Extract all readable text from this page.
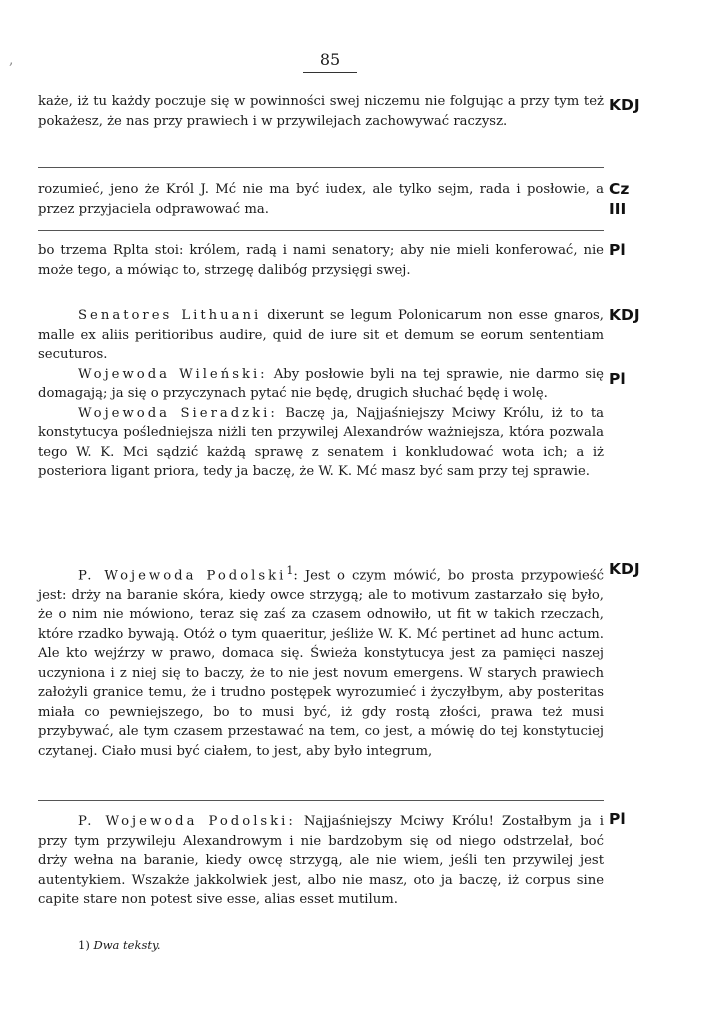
,	85

każe, iż tu każdy poczuje się w powinności swej niczemu nie folgując a przy tym też pokażesz, że nas przy prawiech i w przywilejach zachowywać raczysz.

KDJ

rozumieć, jeno że Król J. Mć nie ma być iudex, ale tylko sejm, rada i posłowie, a przez przyjaciela odprawować ma.

Cz
III

bo trzema Rplta stoi: królem, radą i nami senatory; aby nie mieli konferować, nie może tego, a mówiąc to, strzegę dalibóg przysięgi swej.

Pl

Senatores Lithuani dixerunt se legum Polonicarum non esse gnaros, malle ex aliis peritioribus audire, quid de iure sit et demum se eorum sententiam secuturos.

Wojewoda Wileński: Aby posłowie byli na tej sprawie, nie darmo się domagają; ja się o przyczynach pytać nie będę, drugich słuchać będę i wolę.

Wojewoda Sieradzki: Baczę ja, Najjaśniejszy Mciwy Królu, iż to ta konstytucya pośledniejsza niżli ten przywilej Alexandrów ważniejsza, która pozwala tego W. K. Mci sądzić każdą sprawę z senatem i konkludować wota ich; a iż posteriora ligant priora, tedy ja baczę, że W. K. Mć masz być sam przy tej sprawie.

KDJ
Pl

P. Wojewoda Podolski$^1$: Jest o czym mówić, bo prosta przypowieść jest: drży na baranie skóra, kiedy owce strzygą; ale to motivum zastarzało się było, że o nim nie mówiono, teraz się zaś za czasem odnowiło, ut fit w takich rzeczach, które rzadko bywają. Otóż o tym quaeritur, jeśliże W. K. Mć pertinet ad hunc actum. Ale kto wejźrzy w prawo, domaca się. Świeża konstytucya jest za pamięci naszej uczyniona i z niej się to baczy, że to nie jest novum emergens. W starych prawiech założyli granice temu, że i trudno postępek wyrozumieć i życzyłbym, aby posteritas miała co pewniejszego, bo to musi być, iż gdy rostą złości, prawa też musi przybywać, ale tym czasem przestawać na tem, co jest, a mówię do tej konstytuciej czytanej. Ciało musi być ciałem, to jest, aby było integrum,

KDJ

P. Wojewoda Podolski: Najjaśniejszy Mciwy Królu! Zostałbym ja i przy tym przywileju Alexandrowym i nie bardzobym się od niego odstrzelał, boć drży wełna na baranie, kiedy owcę strzygą, ale nie wiem, jeśli ten przywilej jest autentykiem. Wszakże jakkolwiek jest, albo nie masz, oto ja baczę, iż corpus sine capite stare non potest sive esse, alias esset mutilum.

Pl
1) Dwa teksty.
